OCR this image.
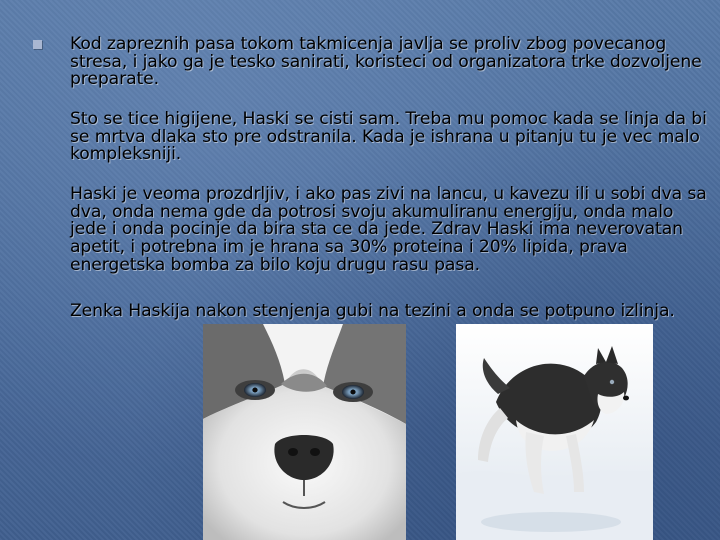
Kod zapreznih pasa tokom takmicenja javlja se proliv zbog povecanog stresa, i jako ga je tesko sanirati, koristeci od organizatora trke dozvoljene preparate.

Sto se tice higijene, Haski se cisti sam. Treba mu pomoc kada se linja da bi se mrtva dlaka sto pre odstranila. Kada je ishrana u pitanju tu je vec malo kompleksniji.

Haski je veoma prozdrljiv, i ako pas zivi na lancu, u kavezu ili u sobi dva sa dva, onda nema gde da potrosi svoju akumuliranu energiju, onda malo jede i onda pocinje da bira sta ce da jede. Zdrav Haski ima neverovatan apetit, i potrebna im je hrana sa 30% proteina i 20% lipida, prava energetska bomba za bilo koju drugu rasu pasa.

Zenka Haskija nakon stenjenja gubi na tezini a onda se potpuno izlinja.
